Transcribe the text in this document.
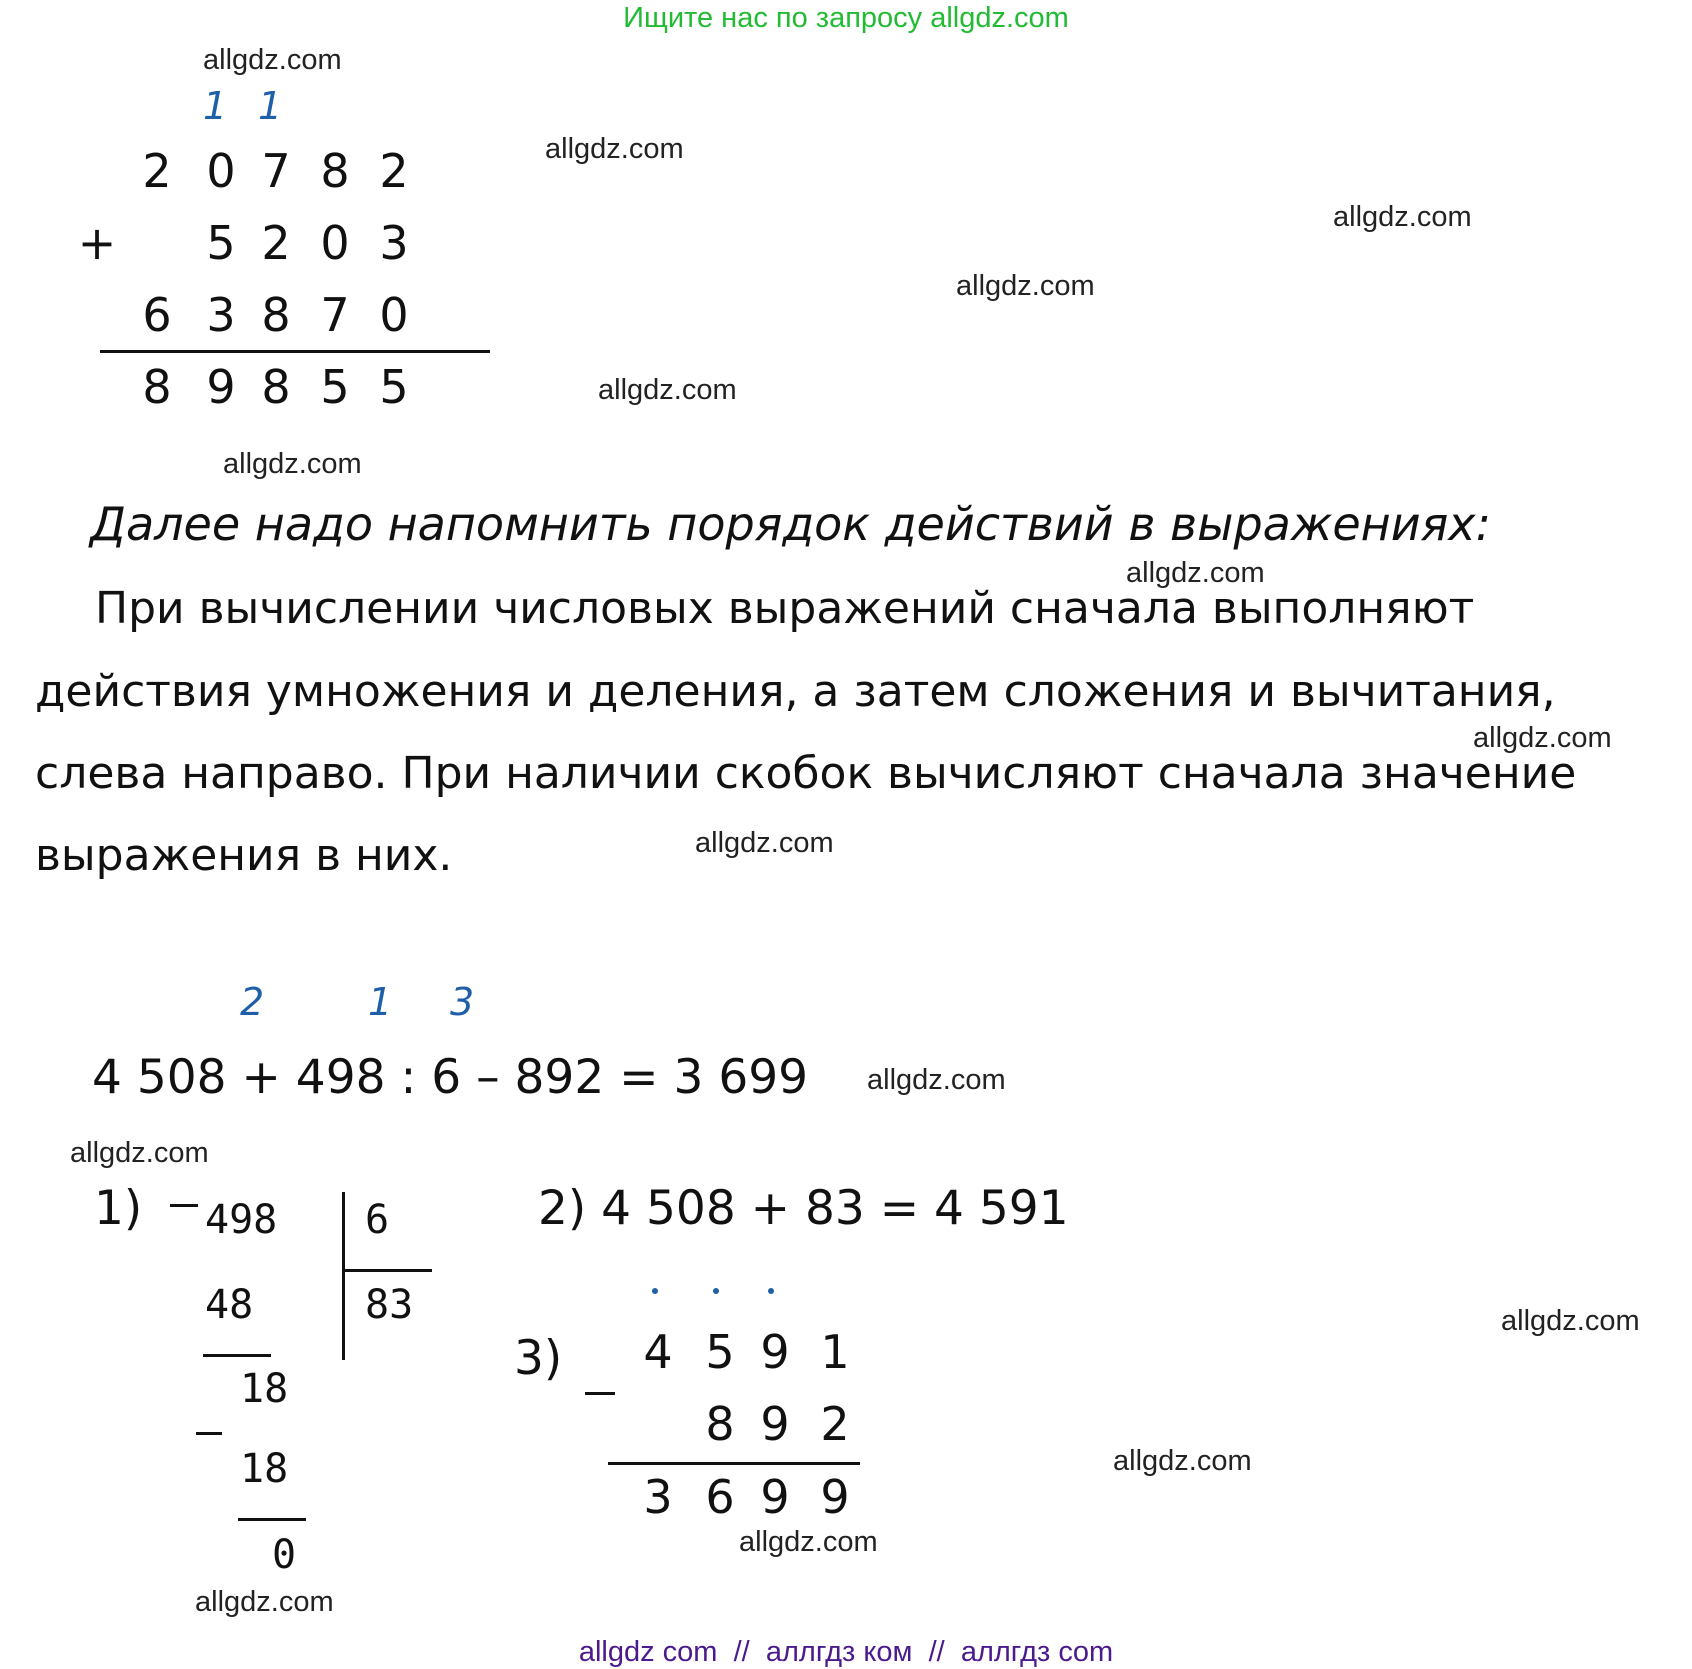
Ищите нас по запросу allgdz.com
allgdz.com
allgdz.com
allgdz.com
allgdz.com
allgdz.com
allgdz.com
allgdz.com
allgdz.com
allgdz.com
allgdz.com
allgdz.com
allgdz.com
allgdz.com
allgdz.com
allgdz.com
1 1
2 0 7 8 2
+ 5 2 0 3
6 3 8 7 0
8 9 8 5 5
Далее надо напомнить порядок действий в выражениях:
При вычислении числовых выражений сначала выполняют
действия умножения и деления, а затем сложения и вычитания,
слева направо. При наличии скобок вычисляют сначала значение
выражения в них.
2	1 3
4 508 + 498 : 6 – 892 = 3 699
1) 498 6
83
48
18
18
0
2) 4 508 + 83 = 4 591
3) 4 5 9 1
8 9 2
3 6 9 9
allgdz com // аллгдз ком // аллгдз com
